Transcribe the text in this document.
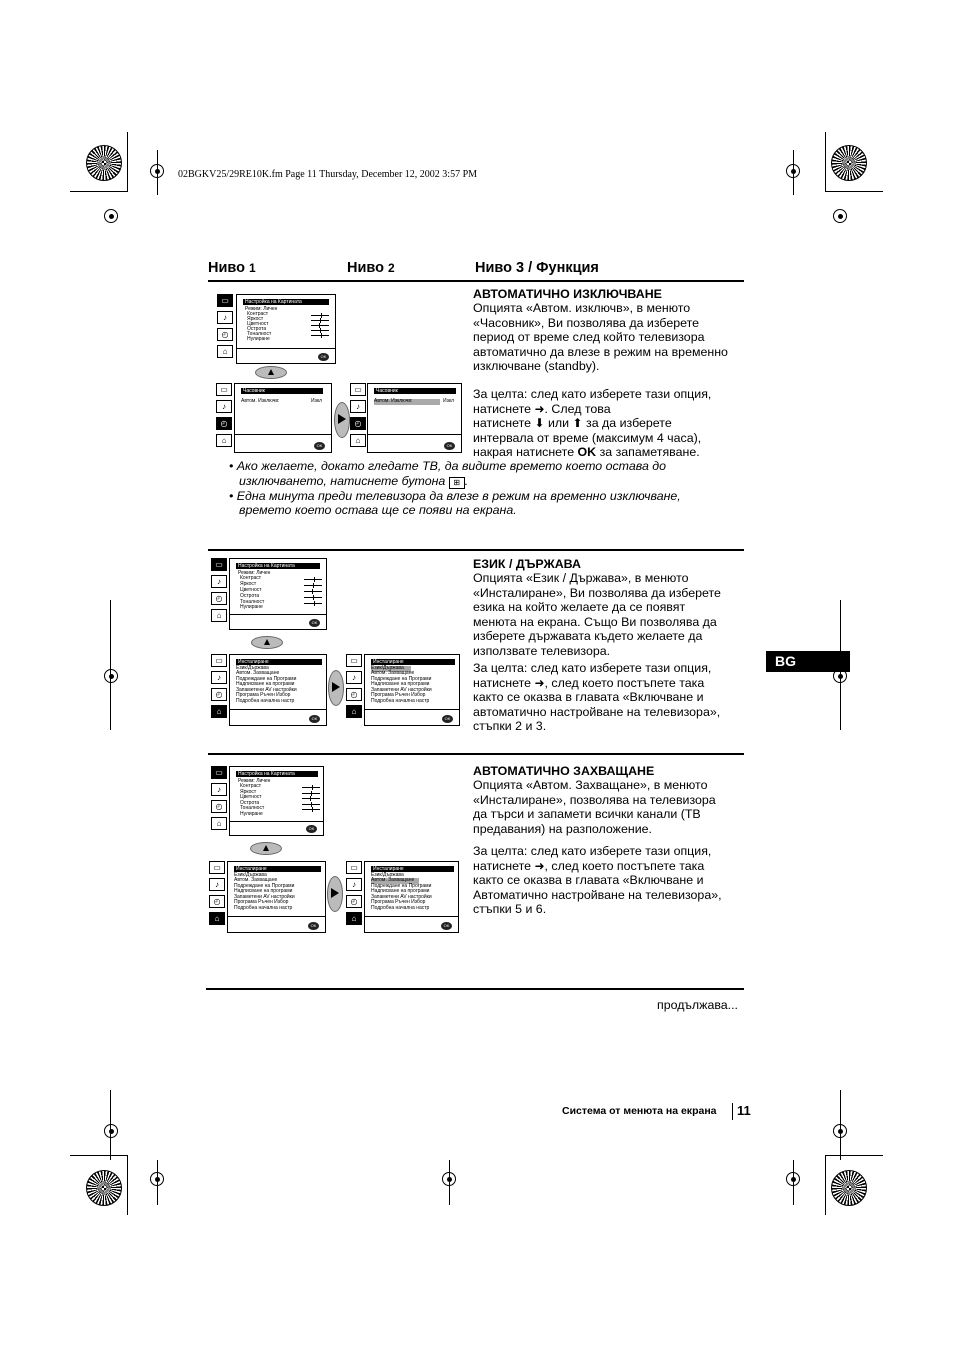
02BGKV25/29RE10K.fm Page 11 Thursday, December 12, 2002 3:57 PM
Ниво 1	Ниво 2	Ниво 3 / Функция
▭
♪
◴
⌂
Настройка на Картината
Режим: Личен
Контраст
Яркост
Цветност
Острота
Тоналност
Нулиране
OK
▭
♪
◴
⌂
Часовник
Автом. Изключв:	Изкл
OK
▭
♪
◴
⌂
Часовник
Автом. Изключв:	Изкл
OK
АВТОМАТИЧНО ИЗКЛЮЧВАНЕ
Опцията «Автом. изключв», в менюто
«Часовник», Ви позволява да изберете
период от време след който телевизора
автоматично да влезе в режим на временно
изключване (standby).
За целта: след като изберете тази опция,
натиснете ➜. След това
натиснете ⬇ или ⬆ за да изберете
интервала от време (максимум 4 часа),
накрая натиснете OK за запаметяване.
• Ако желаете, докато гледате ТВ, да видите времето което остава до
изключването, натиснете бутона ⊞ .
• Една минута преди телевизора да влезе в режим на временно изключване,
времето което остава ще се появи на екрана.
▭
♪
◴
⌂
Настройка на Картината
Режим: Личен
Контраст
Яркост
Цветност
Острота
Тоналност
Нулиране
OK
▭
♪
◴
⌂
Инсталиране
Език/Държава
Автом. Захващане
Подреждане на Програми
Надписване на програми
Запаметени AV настройки
Програма Ръчен Избор
Подробна начална настр
OK
▭
♪
◴
⌂
Инсталиране
Език/Държава
Автом. Захващане
Подреждане на Програми
Надписване на програми
Запаметени AV настройки
Програма Ръчен Избор
Подробна начална настр
OK
ЕЗИК / ДЪРЖАВА
Опцията «Език / Държава», в менюто
«Инсталиране», Ви позволява да изберете
езика на който желаете да се появят
менюта на екрана. Също Ви позволява да
изберете държавата където желаете да
използвате телевизора.
За целта: след като изберете тази опция,
натиснете ➜, след което постъпете така
както се оказва в главата «Включване и
автоматично настройване на телевизора»,
стъпки 2 и 3.
BG
▭
♪
◴
⌂
Настройка на Картината
Режим: Личен
Контраст
Яркост
Цветност
Острота
Тоналност
Нулиране
OK
▭
♪
◴
⌂
Инсталиране
Език/Държава
Автом. Захващане
Подреждане на Програми
Надписване на програми
Запаметени AV настройки
Програма Ръчен Избор
Подробна начална настр
OK
▭
♪
◴
⌂
Инсталиране
Език/Държава
Автом. Захващане
Подреждане на Програми
Надписване на програми
Запаметени AV настройки
Програма Ръчен Избор
Подробна начална настр
OK
АВТОМАТИЧНО ЗАХВАЩАНЕ
Опцията «Автом. Захващане», в менюто
«Инсталиране», позволява на телевизора
да търси и запамети всички канали (ТВ
предавания) на разположение.
За целта: след като изберете тази опция,
натиснете ➜, след което постъпете така
както се оказва в главата «Включване и
Автоматично настройване на телевизора»,
стъпки 5 и 6.
продължава...
Система от менюта на екрана 11
